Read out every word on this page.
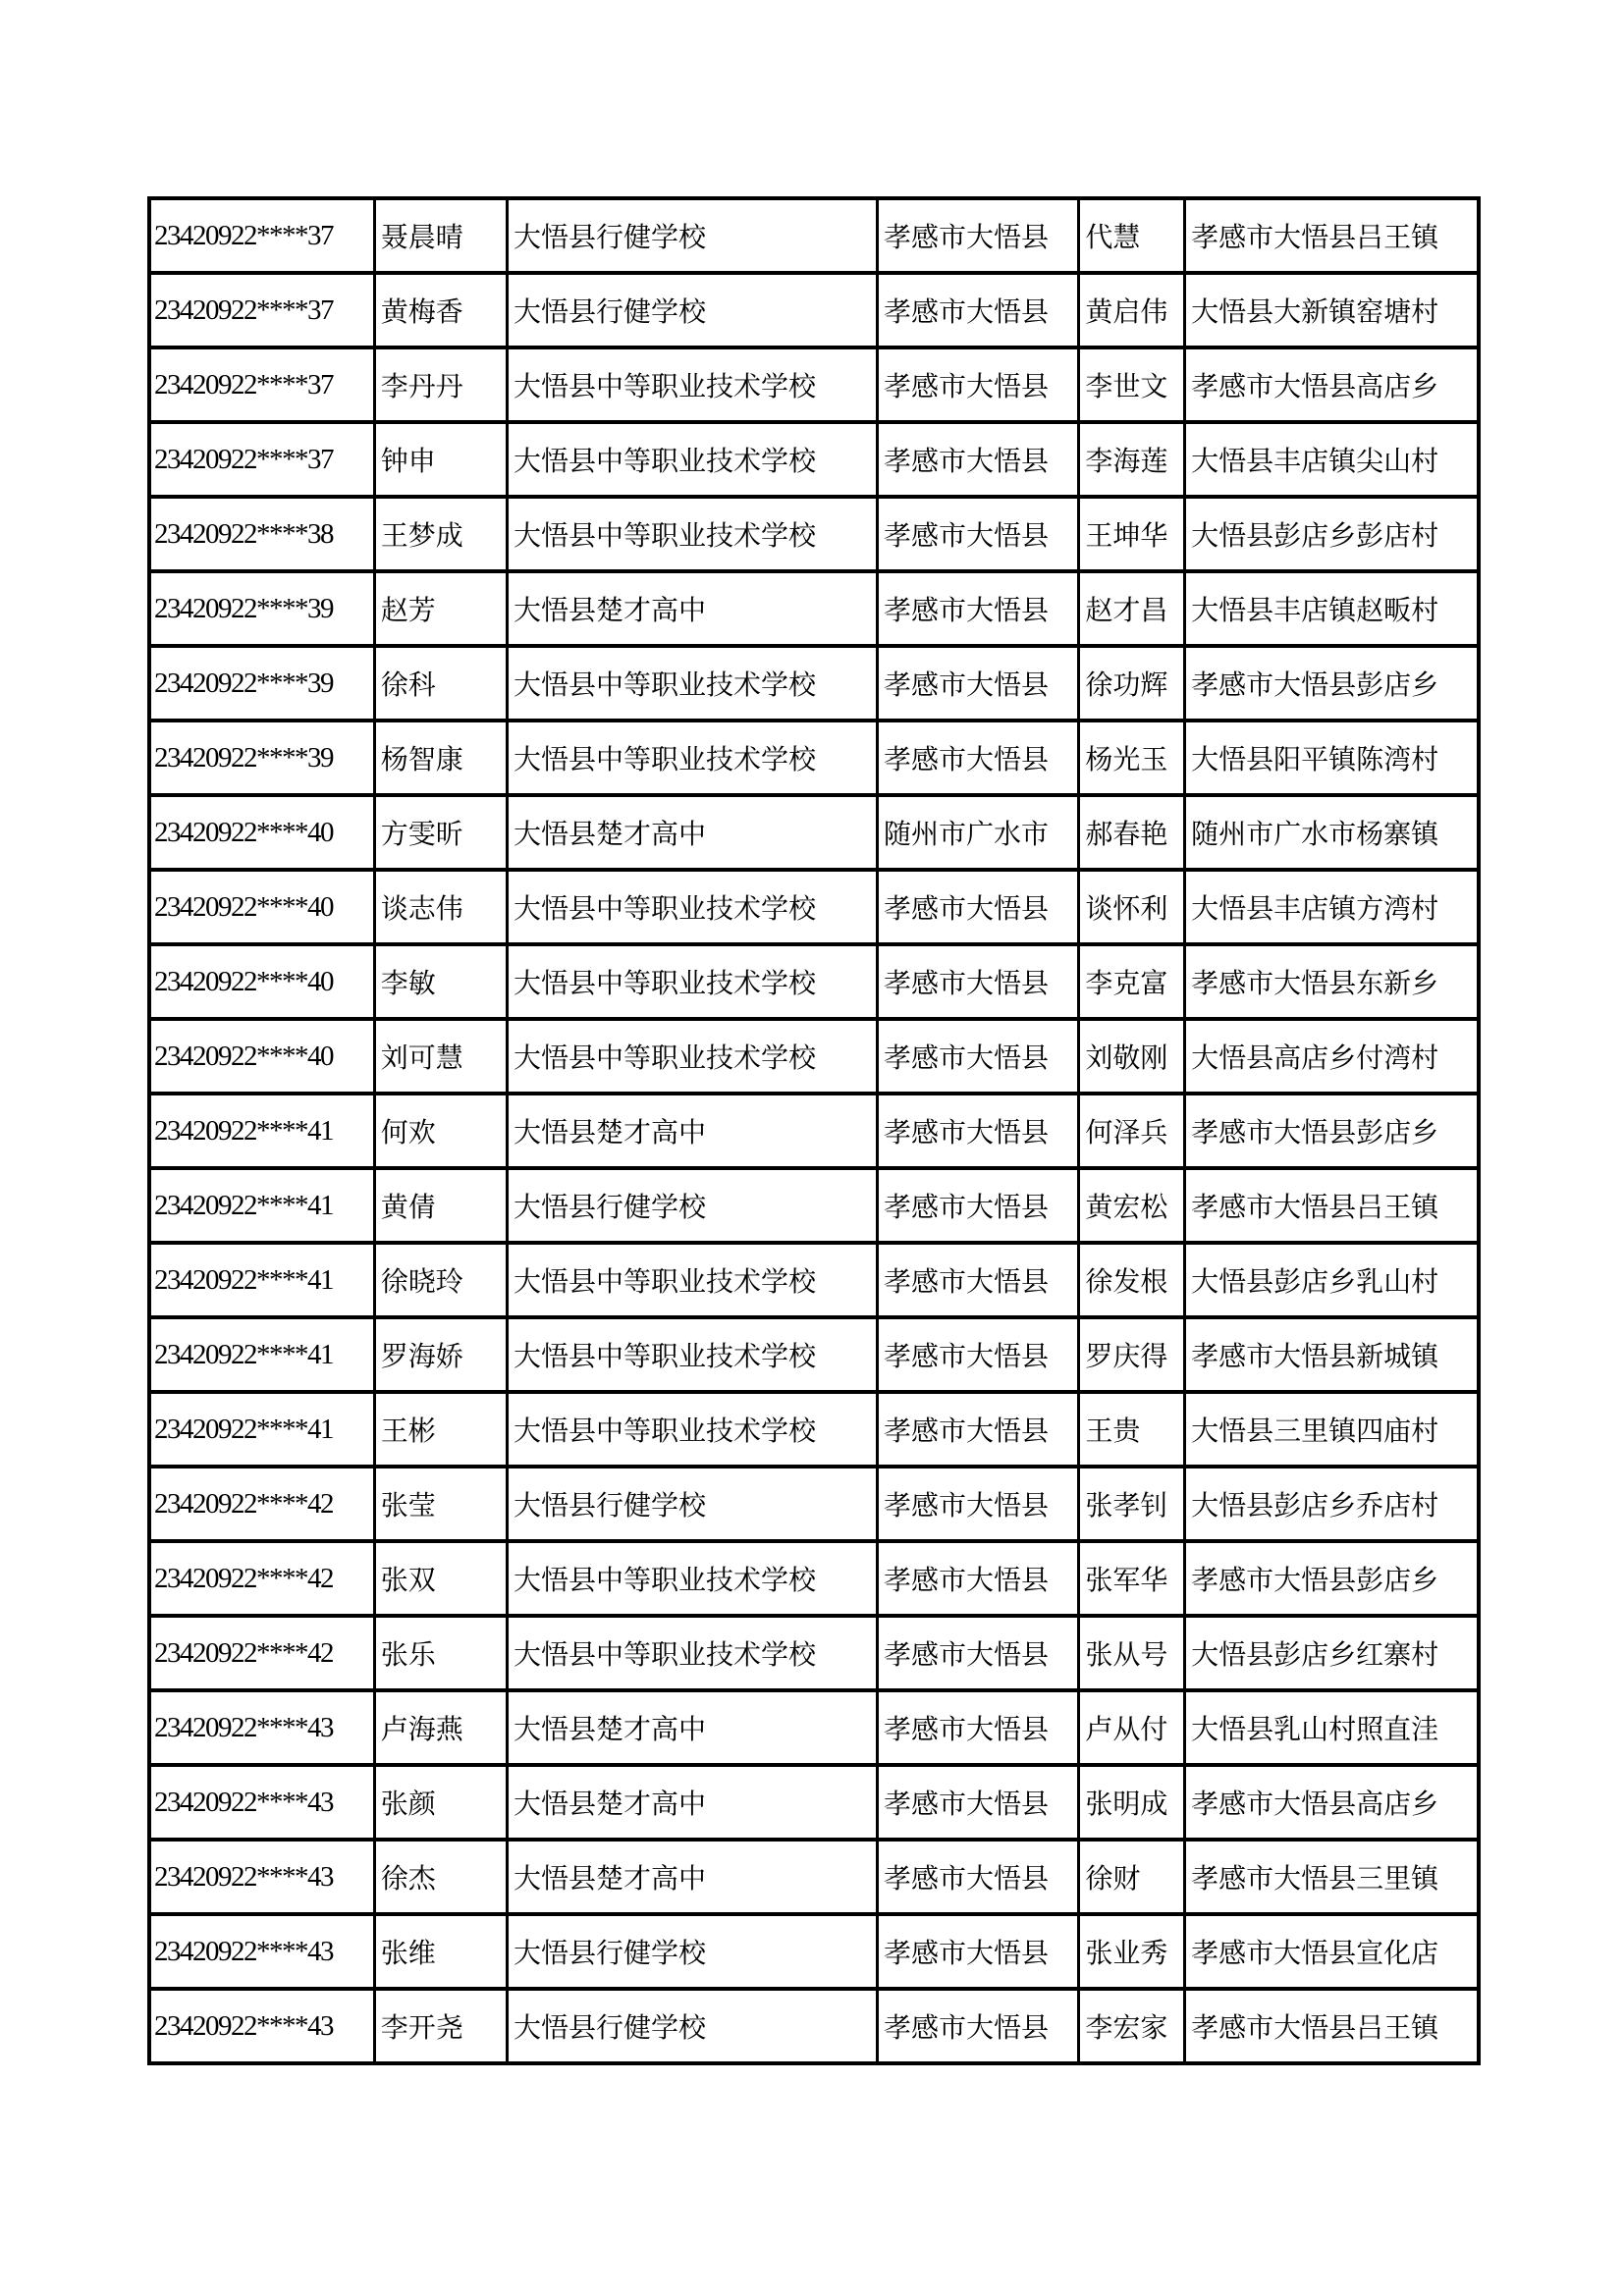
23420922****37	聂晨晴	大悟县行健学校	孝感市大悟县	代慧	孝感市大悟县吕王镇
23420922****37	黄梅香	大悟县行健学校	孝感市大悟县	黄启伟	大悟县大新镇窑塘村
23420922****37	李丹丹	大悟县中等职业技术学校	孝感市大悟县	李世文	孝感市大悟县高店乡
23420922****37	钟申	大悟县中等职业技术学校	孝感市大悟县	李海莲	大悟县丰店镇尖山村
23420922****38	王梦成	大悟县中等职业技术学校	孝感市大悟县	王坤华	大悟县彭店乡彭店村
23420922****39	赵芳	大悟县楚才高中	孝感市大悟县	赵才昌	大悟县丰店镇赵畈村
23420922****39	徐科	大悟县中等职业技术学校	孝感市大悟县	徐功辉	孝感市大悟县彭店乡
23420922****39	杨智康	大悟县中等职业技术学校	孝感市大悟县	杨光玉	大悟县阳平镇陈湾村
23420922****40	方雯昕	大悟县楚才高中	随州市广水市	郝春艳	随州市广水市杨寨镇
23420922****40	谈志伟	大悟县中等职业技术学校	孝感市大悟县	谈怀利	大悟县丰店镇方湾村
23420922****40	李敏	大悟县中等职业技术学校	孝感市大悟县	李克富	孝感市大悟县东新乡
23420922****40	刘可慧	大悟县中等职业技术学校	孝感市大悟县	刘敬刚	大悟县高店乡付湾村
23420922****41	何欢	大悟县楚才高中	孝感市大悟县	何泽兵	孝感市大悟县彭店乡
23420922****41	黄倩	大悟县行健学校	孝感市大悟县	黄宏松	孝感市大悟县吕王镇
23420922****41	徐晓玲	大悟县中等职业技术学校	孝感市大悟县	徐发根	大悟县彭店乡乳山村
23420922****41	罗海娇	大悟县中等职业技术学校	孝感市大悟县	罗庆得	孝感市大悟县新城镇
23420922****41	王彬	大悟县中等职业技术学校	孝感市大悟县	王贵	大悟县三里镇四庙村
23420922****42	张莹	大悟县行健学校	孝感市大悟县	张孝钊	大悟县彭店乡乔店村
23420922****42	张双	大悟县中等职业技术学校	孝感市大悟县	张军华	孝感市大悟县彭店乡
23420922****42	张乐	大悟县中等职业技术学校	孝感市大悟县	张从号	大悟县彭店乡红寨村
23420922****43	卢海燕	大悟县楚才高中	孝感市大悟县	卢从付	大悟县乳山村照直洼
23420922****43	张颜	大悟县楚才高中	孝感市大悟县	张明成	孝感市大悟县高店乡
23420922****43	徐杰	大悟县楚才高中	孝感市大悟县	徐财	孝感市大悟县三里镇
23420922****43	张维	大悟县行健学校	孝感市大悟县	张业秀	孝感市大悟县宣化店
23420922****43	李开尧	大悟县行健学校	孝感市大悟县	李宏家	孝感市大悟县吕王镇
